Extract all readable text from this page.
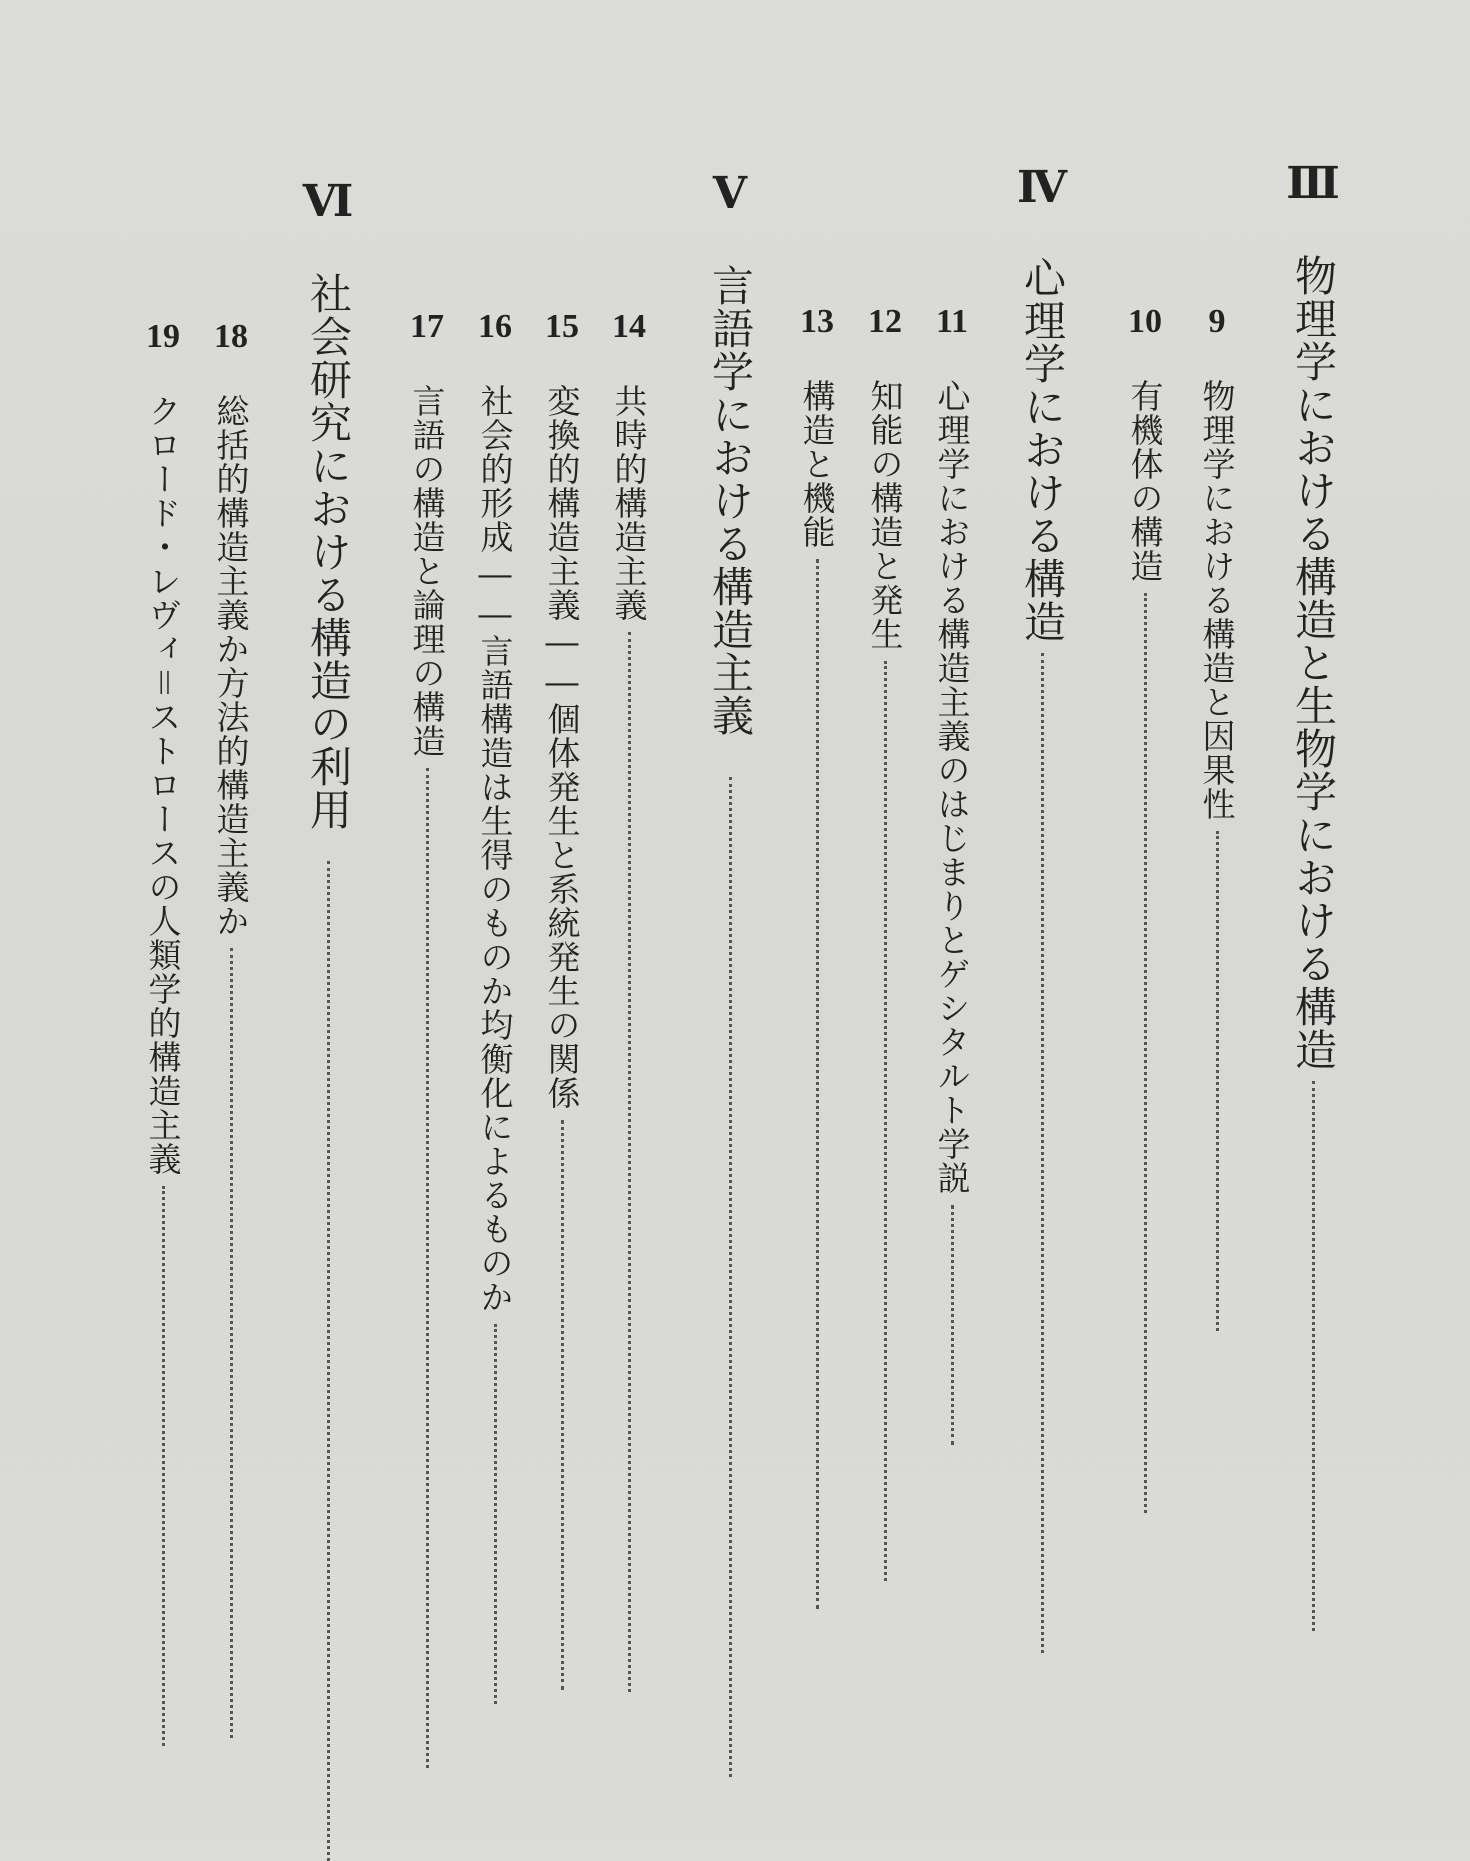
Ⅲ
物理学における構造と生物学における構造
9
物理学における構造と因果性
10
有機体の構造
Ⅳ
心理学における構造
11
心理学における構造主義のはじまりとゲシタルト学説
12
知能の構造と発生
13
構造と機能
Ⅴ
言語学における構造主義
14
共時的構造主義
15
変換的構造主義――個体発生と系統発生の関係
16
社会的形成――言語構造は生得のものか均衡化によるものか
17
言語の構造と論理の構造
Ⅵ
社会研究における構造の利用
18
総括的構造主義か方法的構造主義か
19
クロード・レヴィ＝ストロースの人類学的構造主義
